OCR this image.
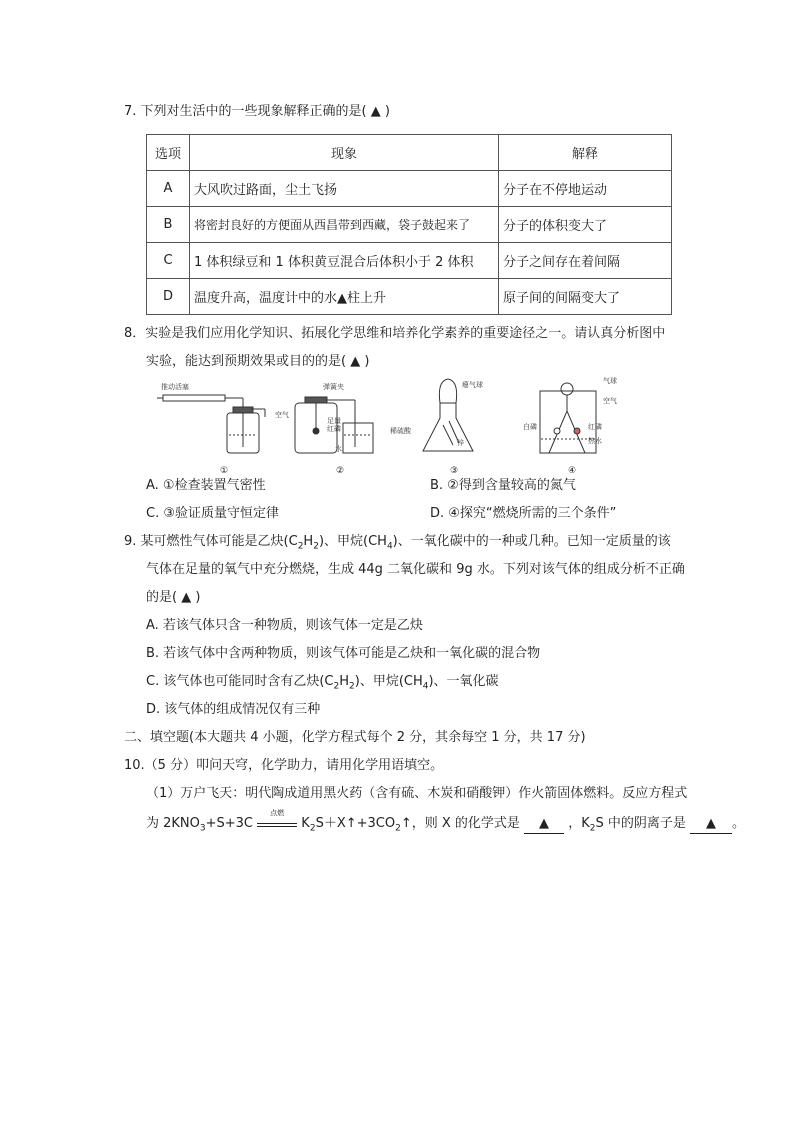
7. 下列对生活中的一些现象解释正确的是( ▲ )
选项	现象	解释
A	大风吹过路面，尘土飞扬	分子在不停地运动
B	将密封良好的方便面从西昌带到西藏，袋子鼓起来了	分子的体积变大了
C	1 体积绿豆和 1 体积黄豆混合后体积小于 2 体积	分子之间存在着间隔
D	温度升高，温度计中的水▲柱上升	原子间的间隔变大了
8．实验是我们应用化学知识、拓展化学思维和培养化学素养的重要途径之一。请认真分析图中
实验，能达到预期效果或目的的是( ▲ )
推动活塞
空气
弹簧夹
足量
红磷
水
瘪气球
稀硫酸
锌
气球
空气
白磷	红磷
热水
①	②	③	④
A. ①检查装置气密性	B. ②得到含量较高的氮气
C. ③验证质量守恒定律	D. ④探究“燃烧所需的三个条件”
9. 某可燃性气体可能是乙炔$(C_2H_2)$、甲烷$(CH_4)$、一氧化碳中的一种或几种。已知一定质量的该
气体在足量的氧气中充分燃烧，生成 44g 二氧化碳和 9g 水。下列对该气体的组成分析不正确
的是( ▲ )
A. 若该气体只含一种物质，则该气体一定是乙炔
B. 若该气体中含两种物质，则该气体可能是乙炔和一氧化碳的混合物
C. 该气体也可能同时含有乙炔$(C_2H_2)$、甲烷$(CH_4)$、一氧化碳
D. 该气体的组成情况仅有三种
二、填空题(本大题共 4 小题，化学方程式每个 2 分，其余每空 1 分，共 17 分)
10.（5 分）叩问天穹，化学助力，请用化学用语填空。
（1）万户飞天：明代陶成道用黑火药（含有硫、木炭和硝酸钾）作火箭固体燃料。反应方程式
为 $2KNO_3+S+3C$
点燃
$K_2S+X↑+3CO_2↑$，则 X 的化学式是 ▲ ，$K_2S$ 中的阴离子是 ▲ 。
